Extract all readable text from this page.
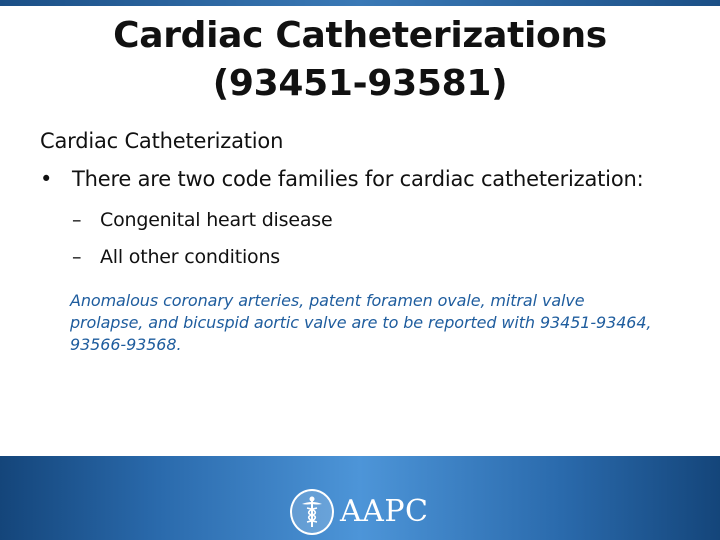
Cardiac Catheterizations
(93451-93581)
Cardiac Catheterization
• There are two code families for cardiac catheterization:
– Congenital heart disease
– All other conditions

Anomalous coronary arteries, patent foramen ovale, mitral valve prolapse, and bicuspid aortic valve are to be reported with 93451-93464, 93566-93568.

AAPC
